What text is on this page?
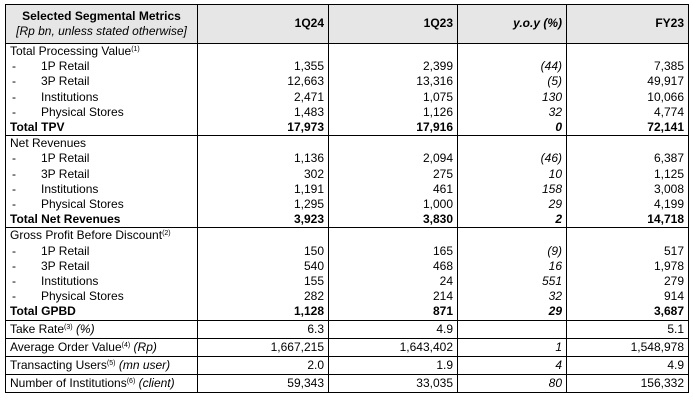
Selected Segmental Metrics
[Rp bn, unless stated otherwise]	1Q24	1Q23	y.o.y (%)	FY23
Total Processing Value$^{(1)}$				
- 1P Retail	1,355	2,399	(44)	7,385
- 3P Retail	12,663	13,316	(5)	49,917
- Institutions	2,471	1,075	130	10,066
- Physical Stores	1,483	1,126	32	4,774
Total TPV	17,973	17,916	0	72,141
Net Revenues				
- 1P Retail	1,136	2,094	(46)	6,387
- 3P Retail	302	275	10	1,125
- Institutions	1,191	461	158	3,008
- Physical Stores	1,295	1,000	29	4,199
Total Net Revenues	3,923	3,830	2	14,718
Gross Profit Before Discount$^{(2)}$				
- 1P Retail	150	165	(9)	517
- 3P Retail	540	468	16	1,978
- Institutions	155	24	551	279
- Physical Stores	282	214	32	914
Total GPBD	1,128	871	29	3,687
Take Rate$^{(3)}$ (%)	6.3	4.9		5.1
Average Order Value$^{(4)}$ (Rp)	1,667,215	1,643,402	1	1,548,978
Transacting Users$^{(5)}$ (mn user)	2.0	1.9	4	4.9
Number of Institutions$^{(6)}$ (client)	59,343	33,035	80	156,332
